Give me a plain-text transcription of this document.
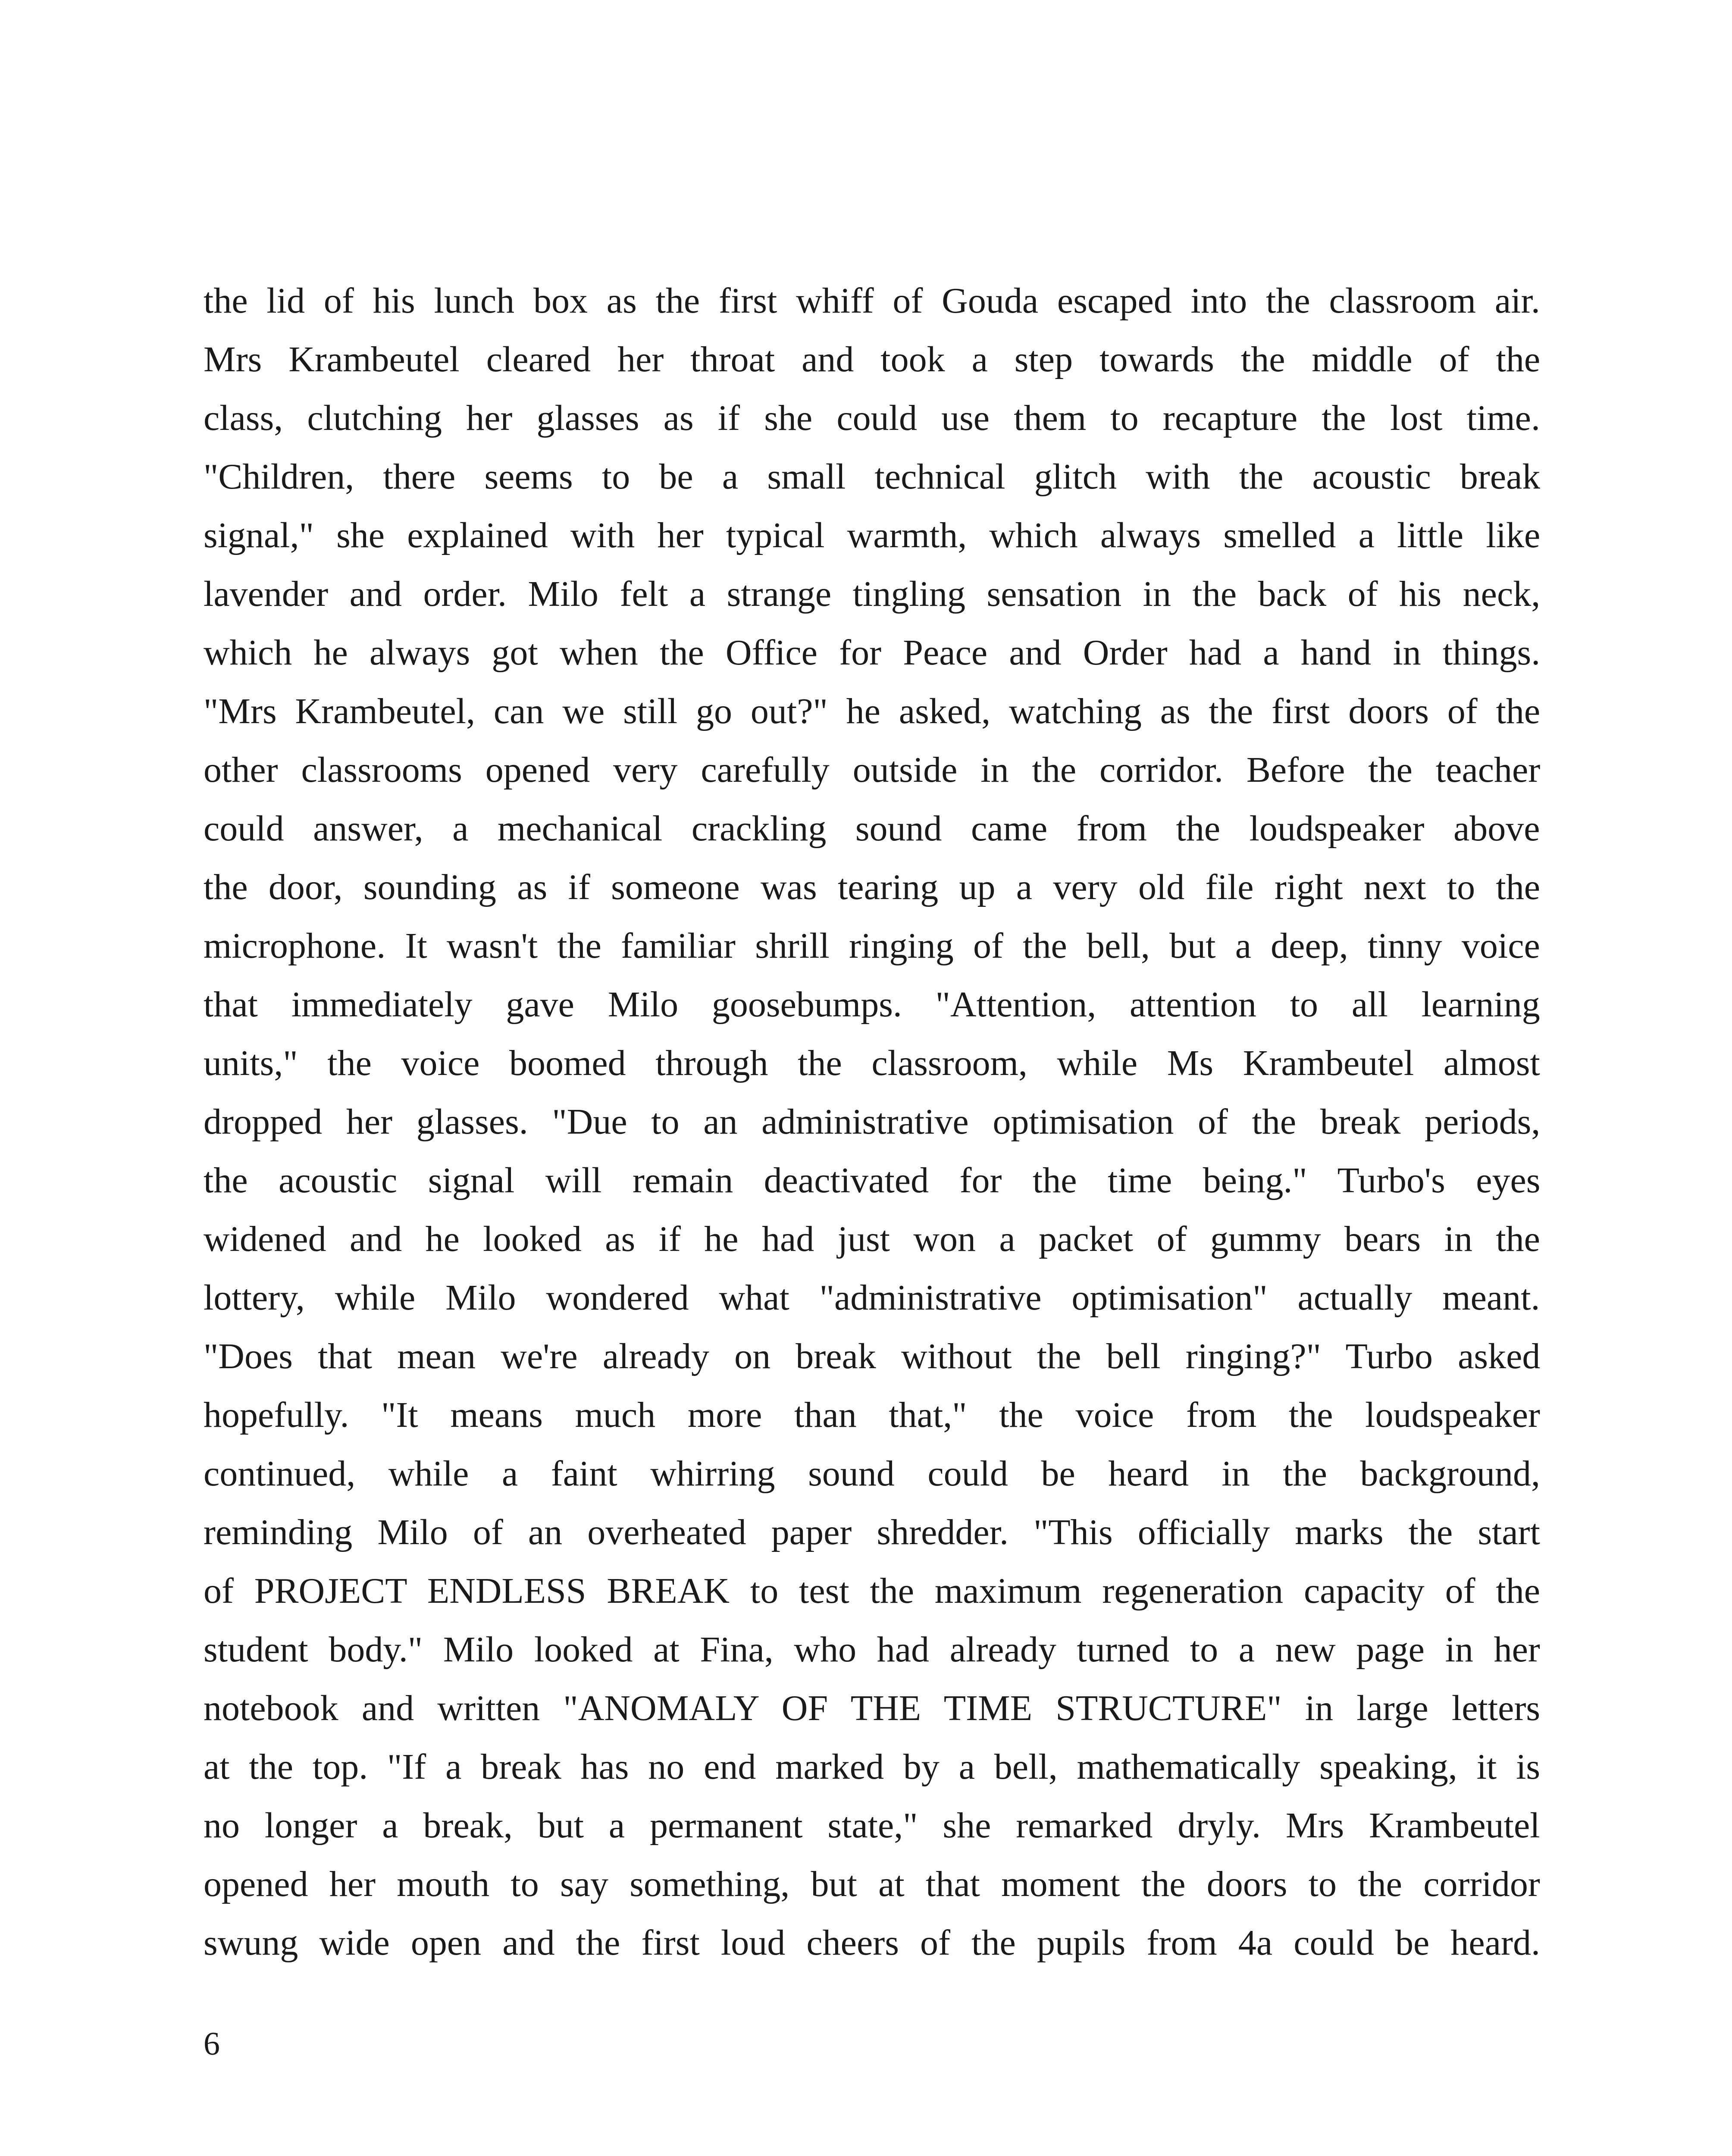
the lid of his lunch box as the first whiff of Gouda escaped into the classroom air.
Mrs Krambeutel cleared her throat and took a step towards the middle of the
class, clutching her glasses as if she could use them to recapture the lost time.
"Children, there seems to be a small technical glitch with the acoustic break
signal," she explained with her typical warmth, which always smelled a little like
lavender and order. Milo felt a strange tingling sensation in the back of his neck,
which he always got when the Office for Peace and Order had a hand in things.
"Mrs Krambeutel, can we still go out?" he asked, watching as the first doors of the
other classrooms opened very carefully outside in the corridor. Before the teacher
could answer, a mechanical crackling sound came from the loudspeaker above
the door, sounding as if someone was tearing up a very old file right next to the
microphone. It wasn't the familiar shrill ringing of the bell, but a deep, tinny voice
that immediately gave Milo goosebumps. "Attention, attention to all learning
units," the voice boomed through the classroom, while Ms Krambeutel almost
dropped her glasses. "Due to an administrative optimisation of the break periods,
the acoustic signal will remain deactivated for the time being." Turbo's eyes
widened and he looked as if he had just won a packet of gummy bears in the
lottery, while Milo wondered what "administrative optimisation" actually meant.
"Does that mean we're already on break without the bell ringing?" Turbo asked
hopefully. "It means much more than that," the voice from the loudspeaker
continued, while a faint whirring sound could be heard in the background,
reminding Milo of an overheated paper shredder. "This officially marks the start
of PROJECT ENDLESS BREAK to test the maximum regeneration capacity of the
student body." Milo looked at Fina, who had already turned to a new page in her
notebook and written "ANOMALY OF THE TIME STRUCTURE" in large letters
at the top. "If a break has no end marked by a bell, mathematically speaking, it is
no longer a break, but a permanent state," she remarked dryly. Mrs Krambeutel
opened her mouth to say something, but at that moment the doors to the corridor
swung wide open and the first loud cheers of the pupils from 4a could be heard.
6
